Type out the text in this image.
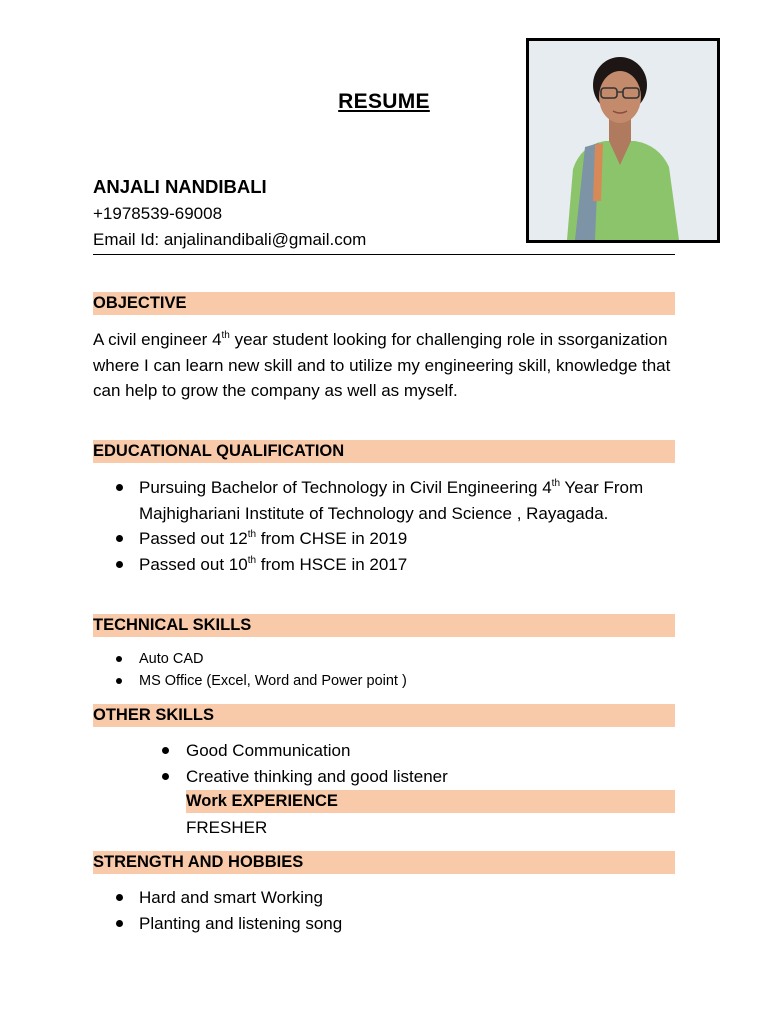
RESUME
ANJALI NANDIBALI
+1978539-69008
Email Id: anjalinandibali@gmail.com
OBJECTIVE
A civil engineer 4th year student looking for challenging role in ssorganization where I can learn new skill and to utilize my engineering skill, knowledge that can help to grow the company as well as myself.
EDUCATIONAL QUALIFICATION
Pursuing Bachelor of Technology in Civil Engineering 4th Year From Majhighariani Institute of Technology and Science , Rayagada.
Passed out 12th from CHSE in 2019
Passed out 10th from HSCE in 2017
TECHNICAL SKILLS
Auto CAD
MS Office (Excel, Word and Power point )
OTHER SKILLS
Good Communication
Creative thinking and good listener
Work EXPERIENCE
FRESHER
STRENGTH AND HOBBIES
Hard and smart Working
Planting and listening song
